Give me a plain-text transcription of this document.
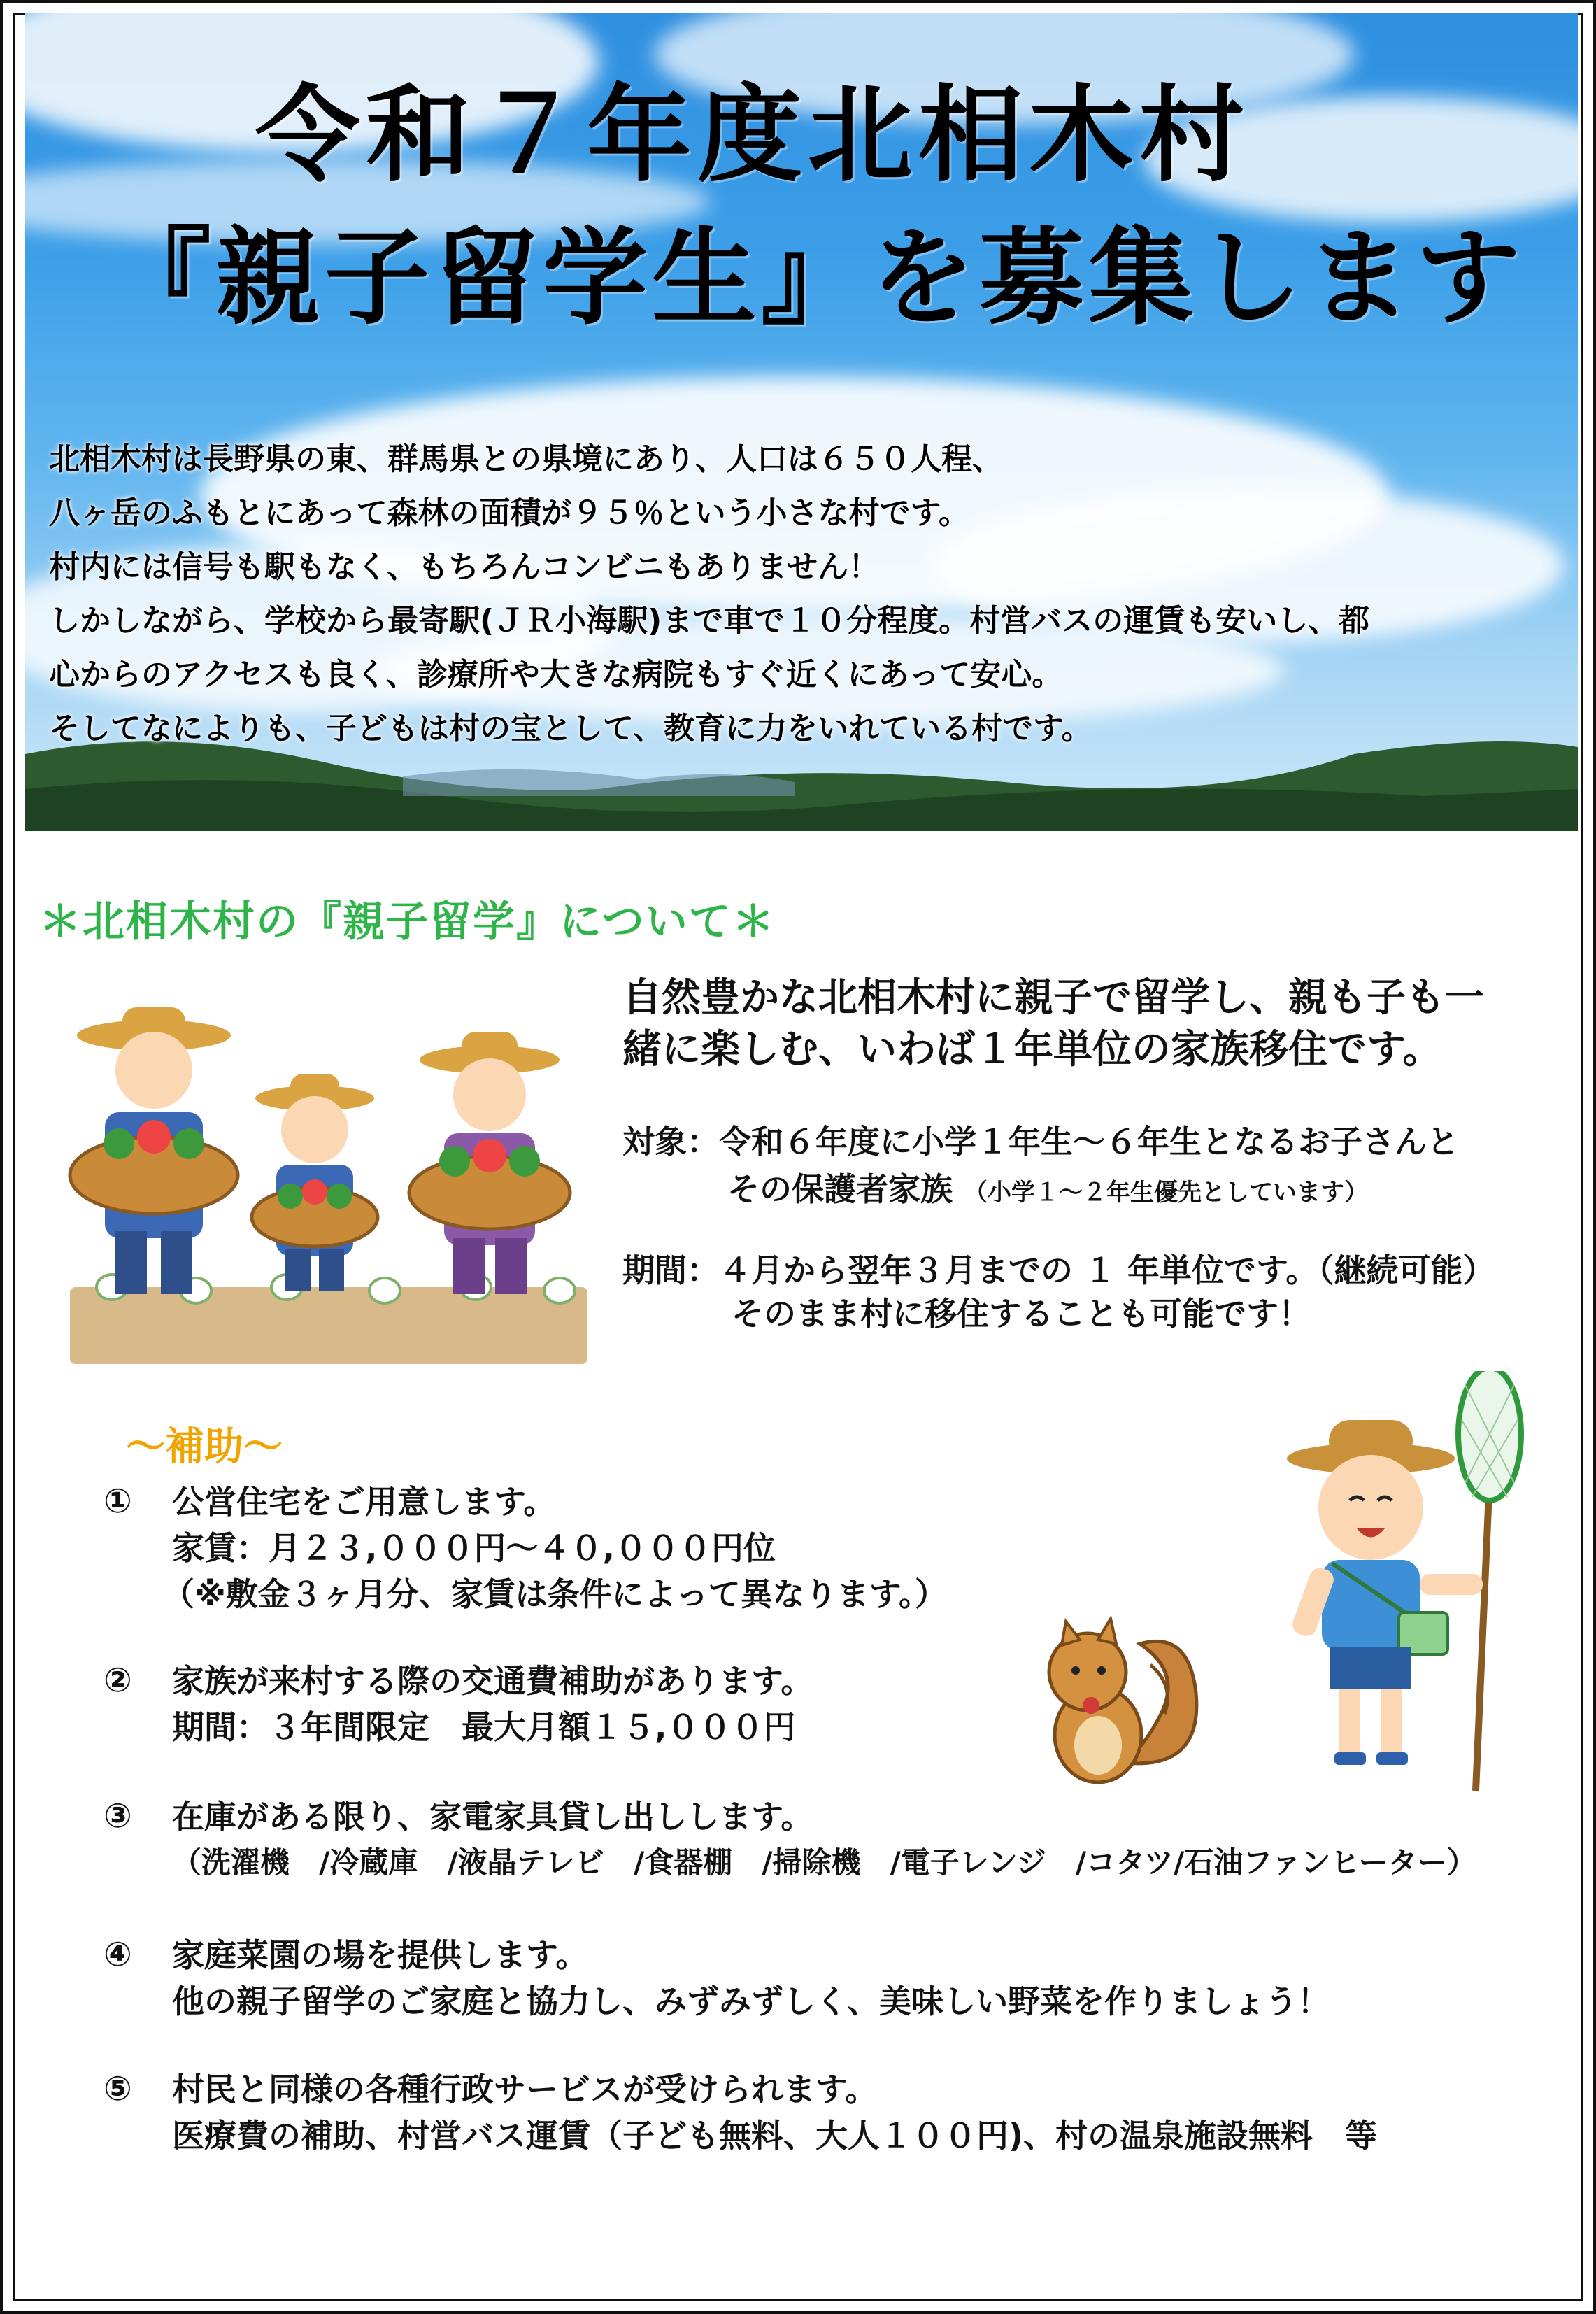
令和７年度北相木村
『親子留学生』を募集します
北相木村は長野県の東、群馬県との県境にあり、人口は６５０人程、
八ヶ岳のふもとにあって森林の面積が９５％という小さな村です。
村内には信号も駅もなく、もちろんコンビニもありません！
しかしながら、学校から最寄駅(ＪＲ小海駅)まで車で１０分程度。村営バスの運賃も安いし、都
心からのアクセスも良く、診療所や大きな病院もすぐ近くにあって安心。
そしてなによりも、子どもは村の宝として、教育に力をいれている村です。
＊北相木村の『親子留学』について＊
自然豊かな北相木村に親子で留学し、親も子も一
緒に楽しむ、いわば１年単位の家族移住です。
対象：令和６年度に小学１年生～６年生となるお子さんと
その保護者家族 （小学１～２年生優先としています）
期間：４月から翌年３月までの １ 年単位です。（継続可能）
そのまま村に移住することも可能です！
～補助～
① 公営住宅をご用意します。
家賃：月２３,０００円～４０,０００円位
（※敷金３ヶ月分、家賃は条件によって異なります。）
② 家族が来村する際の交通費補助があります。
期間：３年間限定　最大月額１５,０００円
③ 在庫がある限り、家電家具貸し出しします。
（洗濯機　/冷蔵庫　/液晶テレビ　/食器棚　/掃除機　/電子レンジ　/コタツ/石油ファンヒーター）
④ 家庭菜園の場を提供します。
他の親子留学のご家庭と協力し、みずみずしく、美味しい野菜を作りましょう！
⑤ 村民と同様の各種行政サービスが受けられます。
医療費の補助、村営バス運賃（子ども無料、大人１００円)、村の温泉施設無料　等
